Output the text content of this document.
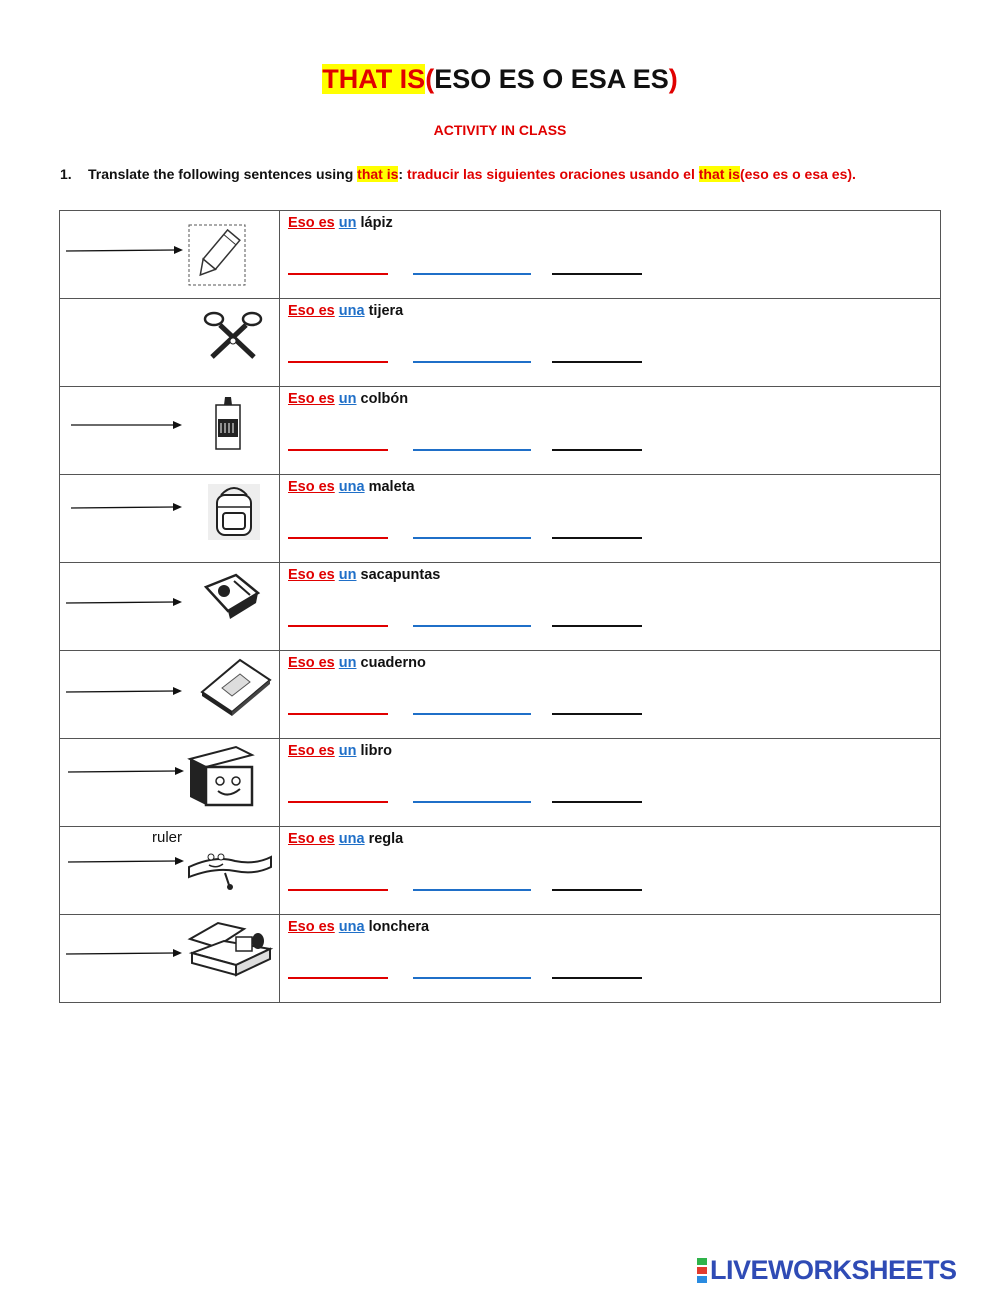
THAT IS(ESO ES O ESA ES)
ACTIVITY IN CLASS
1. Translate the following sentences using that is: traducir las siguientes oraciones usando el that is(eso es o esa es).

Eso es un lápiz

Eso es una tijera

Eso es un colbón

Eso es una maleta

Eso es un sacapuntas

Eso es un cuaderno

Eso es un libro

ruler	Eso es una regla

Eso es una lonchera
LIVEWORKSHEETS
